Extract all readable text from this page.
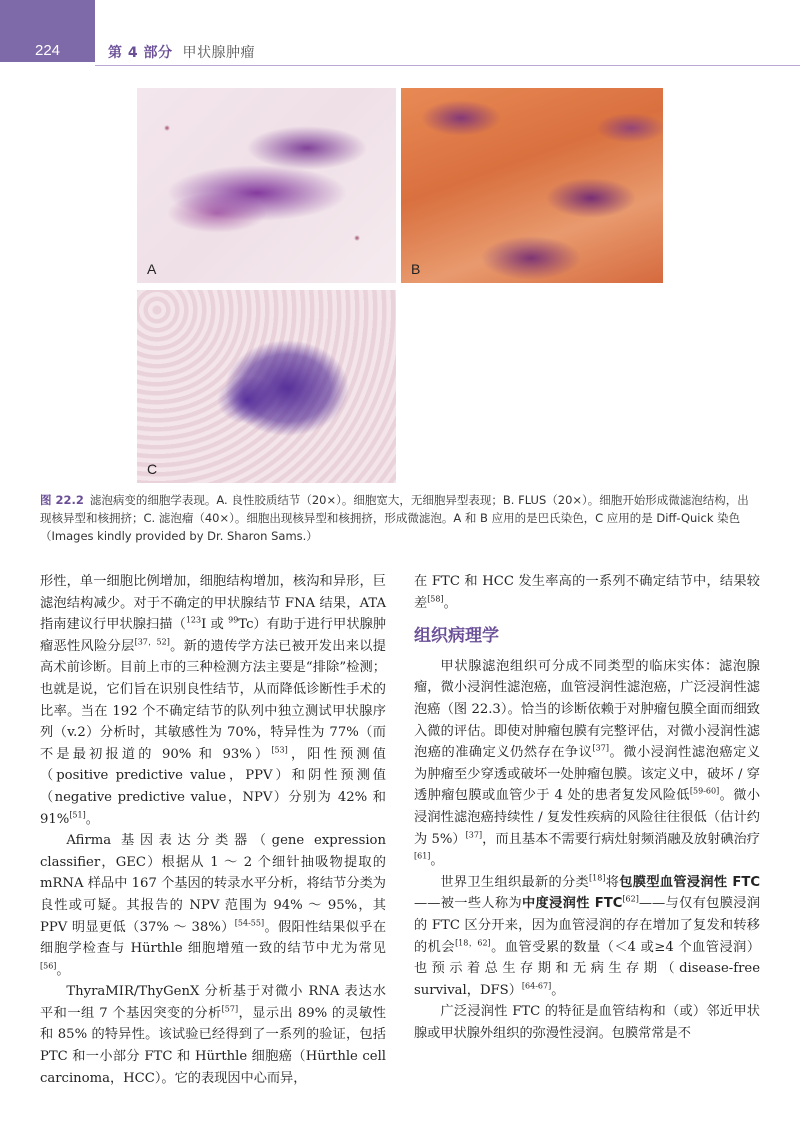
224	第 4 部分 甲状腺肿瘤
A	B
C
图 22.2 滤泡病变的细胞学表现。A. 良性胶质结节（20×）。细胞宽大，无细胞异型表现；B. FLUS（20×）。细胞开始形成微滤泡结构，出现核异型和核拥挤；C. 滤泡瘤（40×）。细胞出现核异型和核拥挤，形成微滤泡。A 和 B 应用的是巴氏染色，C 应用的是 Diff-Quick 染色（Images kindly provided by Dr. Sharon Sams.）

形性，单一细胞比例增加，细胞结构增加，核沟和异形，巨滤泡结构减少。对于不确定的甲状腺结节 FNA 结果，ATA 指南建议行甲状腺扫描（$^{123}$I 或 $^{99}$Tc）有助于进行甲状腺肿瘤恶性风险分层[37，52]。新的遗传学方法已被开发出来以提高术前诊断。目前上市的三种检测方法主要是“排除”检测；也就是说，它们旨在识别良性结节，从而降低诊断性手术的比率。当在 192 个不确定结节的队列中独立测试甲状腺序列（v.2）分析时，其敏感性为 70%，特异性为 77%（而不是最初报道的 90% 和 93%）[53]，阳性预测值（positive predictive value，PPV）和阴性预测值（negative predictive value，NPV）分别为 42% 和 91%[51]。

Afirma 基因表达分类器（gene expression classifier，GEC）根据从 1 ～ 2 个细针抽吸物提取的 mRNA 样品中 167 个基因的转录水平分析，将结节分类为良性或可疑。其报告的 NPV 范围为 94% ～ 95%，其 PPV 明显更低（37% ～ 38%）[54-55]。假阳性结果似乎在细胞学检查与 Hürthle 细胞增殖一致的结节中尤为常见[56]。

ThyraMIR/ThyGenX 分析基于对微小 RNA 表达水平和一组 7 个基因突变的分析[57]，显示出 89% 的灵敏性和 85% 的特异性。该试验已经得到了一系列的验证，包括 PTC 和一小部分 FTC 和 Hürthle 细胞癌（Hürthle cell carcinoma，HCC）。它的表现因中心而异，

在 FTC 和 HCC 发生率高的一系列不确定结节中，结果较差[58]。

组织病理学

甲状腺滤泡组织可分成不同类型的临床实体：滤泡腺瘤，微小浸润性滤泡癌，血管浸润性滤泡癌，广泛浸润性滤泡癌（图 22.3）。恰当的诊断依赖于对肿瘤包膜全面而细致入微的评估。即使对肿瘤包膜有完整评估，对微小浸润性滤泡癌的准确定义仍然存在争议[37]。微小浸润性滤泡癌定义为肿瘤至少穿透或破坏一处肿瘤包膜。该定义中，破坏 / 穿透肿瘤包膜或血管少于 4 处的患者复发风险低[59-60]。微小浸润性滤泡癌持续性 / 复发性疾病的风险往往很低（估计约为 5%）[37]，而且基本不需要行病灶射频消融及放射碘治疗[61]。

世界卫生组织最新的分类[18]将包膜型血管浸润性 FTC——被一些人称为中度浸润性 FTC[62]——与仅有包膜浸润的 FTC 区分开来，因为血管浸润的存在增加了复发和转移的机会[18，62]。血管受累的数量（＜4 或≥4 个血管浸润）也预示着总生存期和无病生存期（disease-free survival，DFS）[64-67]。

广泛浸润性 FTC 的特征是血管结构和（或）邻近甲状腺或甲状腺外组织的弥漫性浸润。包膜常常是不
